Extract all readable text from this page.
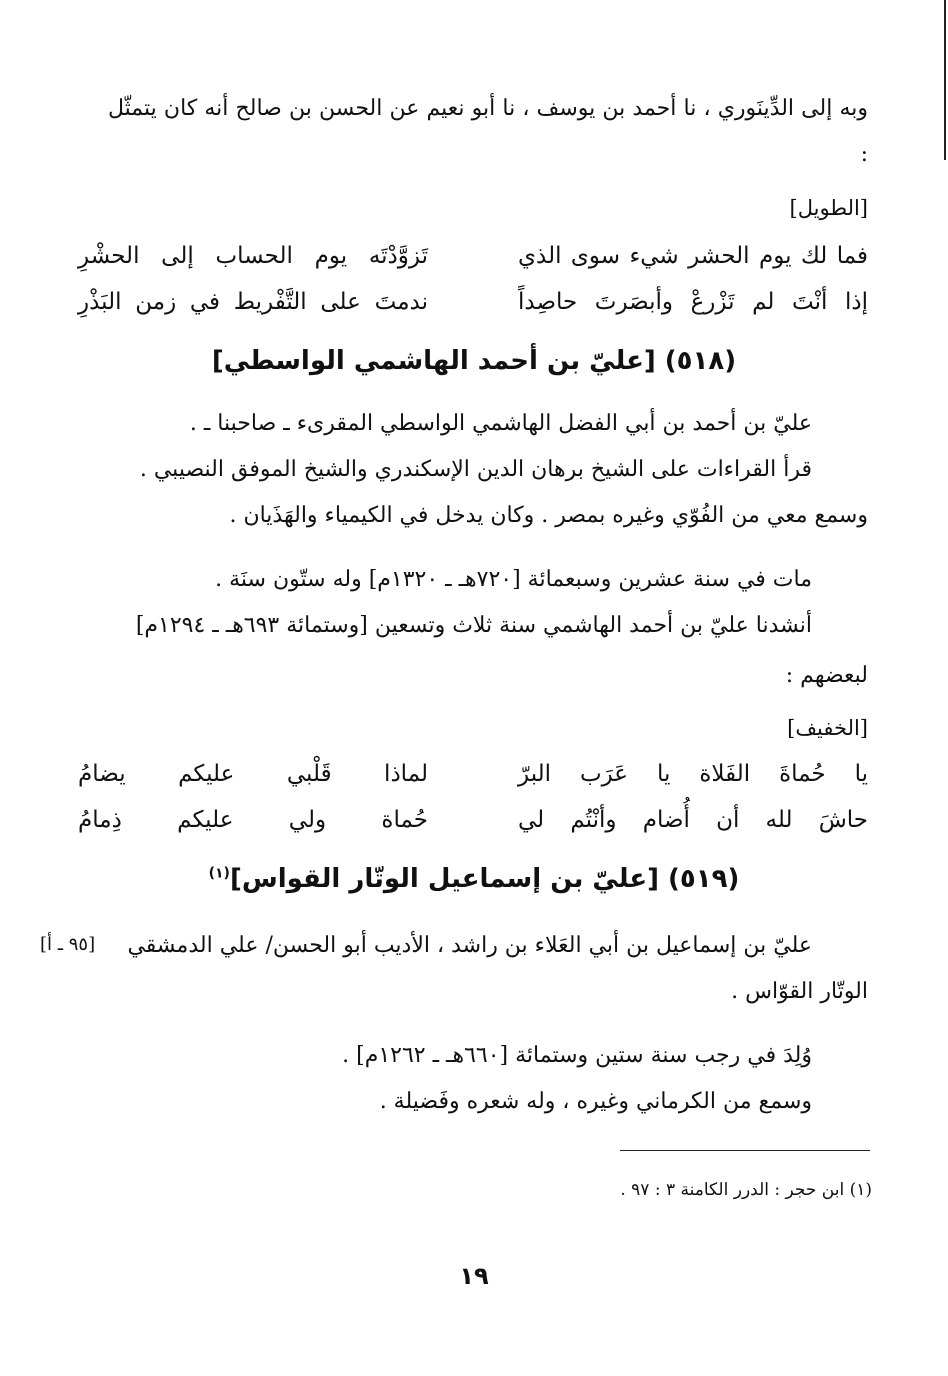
وبه إلى الدِّينَوري ، نا أحمد بن يوسف ، نا أبو نعيم عن الحسن بن صالح أنه كان يتمثّل :

[الطويل]
فما لك يوم الحشر شيء سوى الذي
تَزوَّدْتَه يوم الحساب إلى الحشْرِ
إذا أنْتَ لم تَزْرعْ وأبصَرتَ حاصِداً
ندمتَ على التَّفْريط في زمن البَذْرِ
(٥١٨) [عليّ بن أحمد الهاشمي الواسطي]
عليّ بن أحمد بن أبي الفضل الهاشمي الواسطي المقرىء ـ صاحبنا ـ .
قرأ القراءات على الشيخ برهان الدين الإسكندري والشيخ الموفق النصيبي .
وسمع معي من الفُوّي وغيره بمصر . وكان يدخل في الكيمياء والهَذَيان .
مات في سنة عشرين وسبعمائة [٧٢٠هـ ـ ١٣٢٠م] وله ستّون سنَة .
أنشدنا عليّ بن أحمد الهاشمي سنة ثلاث وتسعين [وستمائة ٦٩٣هـ ـ ١٢٩٤م]
لبعضهم :
[الخفيف]
يا حُماةَ الفَلاة يا عَرَب البرّ
لماذا قَلْبي عليكم يضامُ
حاشَ لله أن أُضام وأنْتُم لي
حُماة ولي عليكم ذِمامُ
(٥١٩) [عليّ بن إسماعيل الوتّار القواس]$^{(١)}$
عليّ بن إسماعيل بن أبي العَلاء بن راشد ، الأديب أبو الحسن/ علي الدمشقي
[٩٥ ـ أ]
الوتّار القوّاس .
وُلِدَ في رجب سنة ستين وستمائة [٦٦٠هـ ـ ١٢٦٢م] .
وسمع من الكرماني وغيره ، وله شعره وفَضيلة .
(١) ابن حجر : الدرر الكامنة ٣ : ٩٧ .
١٩
